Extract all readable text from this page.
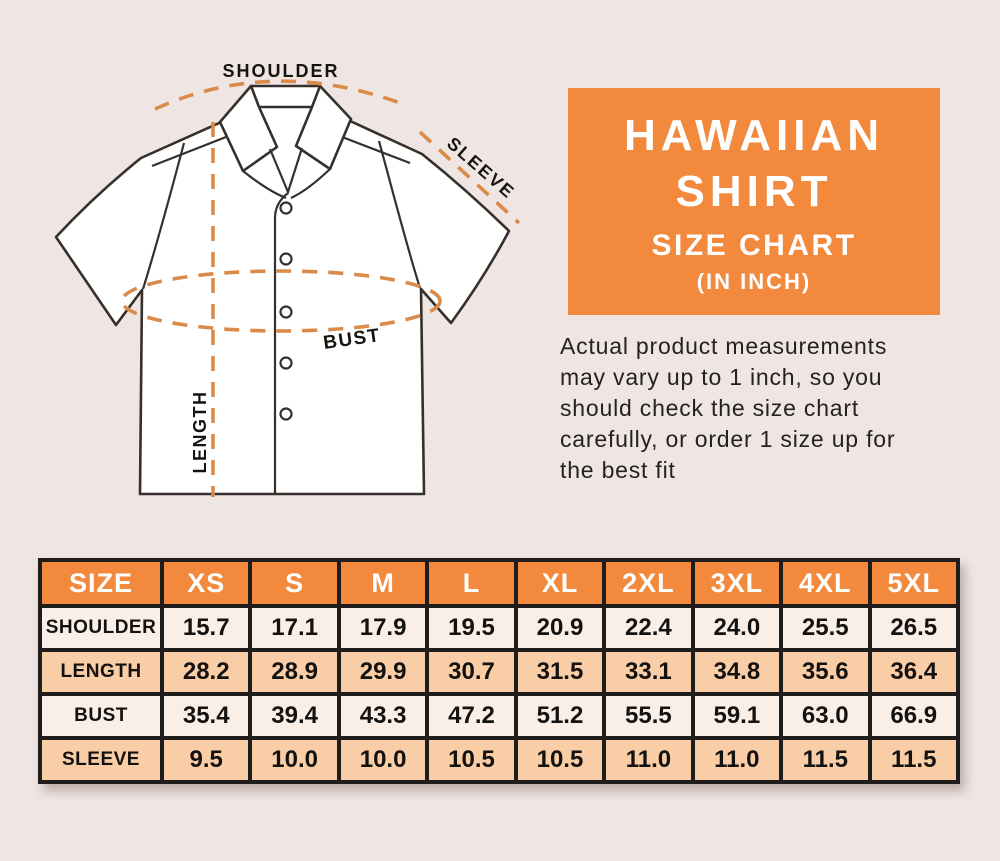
SHOULDER
SLEEVE
BUST
LENGTH
HAWAIIAN
SHIRT
SIZE CHART
(IN INCH)

Actual product measurements may vary up to 1 inch, so you should check the size chart carefully, or order 1 size up for the best fit

SIZE	XS	S	M	L	XL	2XL	3XL	4XL	5XL
SHOULDER	15.7	17.1	17.9	19.5	20.9	22.4	24.0	25.5	26.5
LENGTH	28.2	28.9	29.9	30.7	31.5	33.1	34.8	35.6	36.4
BUST	35.4	39.4	43.3	47.2	51.2	55.5	59.1	63.0	66.9
SLEEVE	9.5	10.0	10.0	10.5	10.5	11.0	11.0	11.5	11.5
